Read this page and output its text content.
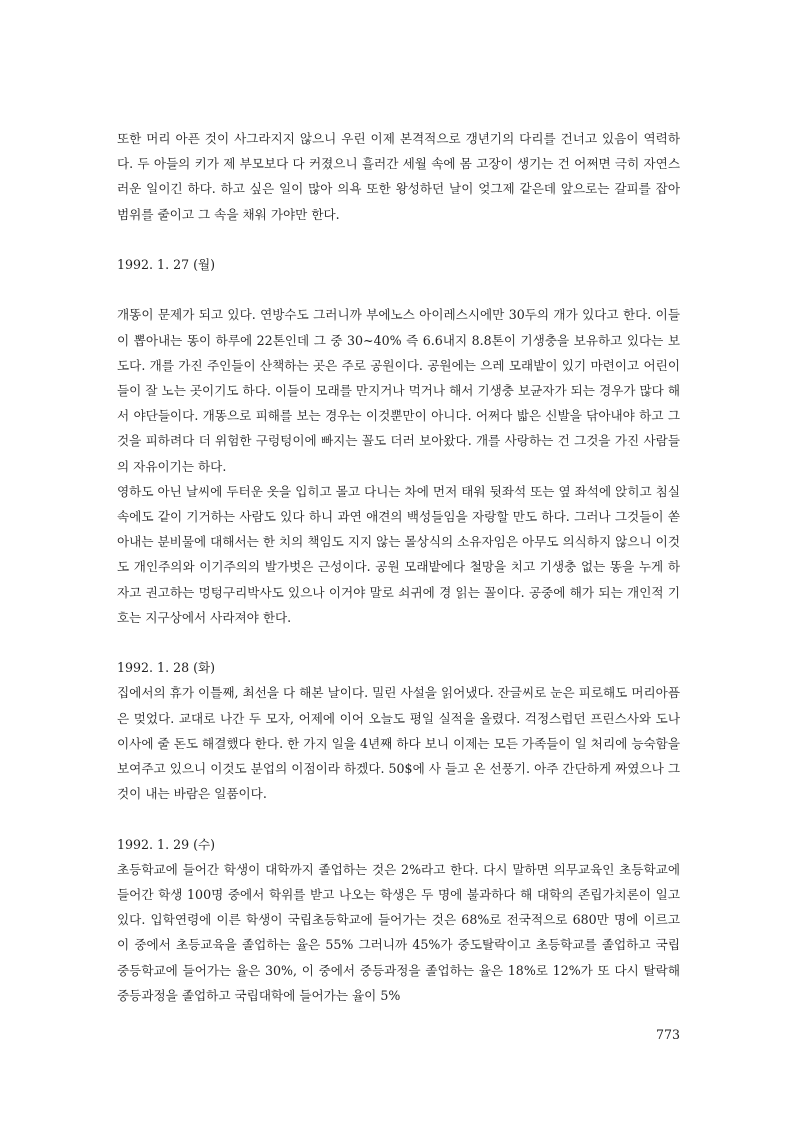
또한 머리 아픈 것이 사그라지지 않으니 우린 이제 본격적으로 갱년기의 다리를 건너고 있음이 역력하다. 두 아들의 키가 제 부모보다 다 커졌으니 흘러간 세월 속에 몸 고장이 생기는 건 어쩌면 극히 자연스러운 일이긴 하다. 하고 싶은 일이 많아 의욕 또한 왕성하던 날이 엊그제 같은데 앞으로는 갈피를 잡아 범위를 줄이고 그 속을 채워 가야만 한다.

1992. 1. 27 (월)

개똥이 문제가 되고 있다. 연방수도 그러니까 부에노스 아이레스시에만 30두의 개가 있다고 한다. 이들이 뽑아내는 똥이 하루에 22톤인데 그 중 30~40% 즉 6.6내지 8.8톤이 기생충을 보유하고 있다는 보도다. 개를 가진 주인들이 산책하는 곳은 주로 공원이다. 공원에는 으레 모래밭이 있기 마련이고 어린이들이 잘 노는 곳이기도 하다. 이들이 모래를 만지거나 먹거나 해서 기생충 보균자가 되는 경우가 많다 해서 야단들이다. 개똥으로 피해를 보는 경우는 이것뿐만이 아니다. 어쩌다 밟은 신발을 닦아내야 하고 그것을 피하려다 더 위험한 구렁텅이에 빠지는 꼴도 더러 보아왔다. 개를 사랑하는 건 그것을 가진 사람들의 자유이기는 하다.

영하도 아닌 날씨에 두터운 옷을 입히고 몰고 다니는 차에 먼저 태워 뒷좌석 또는 옆 좌석에 앉히고 침실 속에도 같이 기거하는 사람도 있다 하니 과연 애견의 백성들임을 자랑할 만도 하다. 그러나 그것들이 쏟아내는 분비물에 대해서는 한 치의 책임도 지지 않는 몰상식의 소유자임은 아무도 의식하지 않으니 이것도 개인주의와 이기주의의 발가벗은 근성이다. 공원 모래밭에다 철망을 치고 기생충 없는 똥을 누게 하자고 권고하는 멍텅구리박사도 있으나 이거야 말로 쇠귀에 경 읽는 꼴이다. 공중에 해가 되는 개인적 기호는 지구상에서 사라져야 한다.

1992. 1. 28 (화)

집에서의 휴가 이틀째, 최선을 다 해본 날이다. 밀린 사설을 읽어냈다. 잔글씨로 눈은 피로해도 머리아픔은 멎었다. 교대로 나간 두 모자, 어제에 이어 오늘도 평일 실적을 올렸다. 걱정스럽던 프린스사와 도나이사에 줄 돈도 해결했다 한다. 한 가지 일을 4년째 하다 보니 이제는 모든 가족들이 일 처리에 능숙함을 보여주고 있으니 이것도 분업의 이점이라 하겠다. 50$에 사 들고 온 선풍기. 아주 간단하게 짜였으나 그것이 내는 바람은 일품이다.

1992. 1. 29 (수)

초등학교에 들어간 학생이 대학까지 졸업하는 것은 2%라고 한다. 다시 말하면 의무교육인 초등학교에 들어간 학생 100명 중에서 학위를 받고 나오는 학생은 두 명에 불과하다 해 대학의 존립가치론이 일고 있다. 입학연령에 이른 학생이 국립초등학교에 들어가는 것은 68%로 전국적으로 680만 명에 이르고 이 중에서 초등교육을 졸업하는 율은 55% 그러니까 45%가 중도탈락이고 초등학교를 졸업하고 국립 중등학교에 들어가는 율은 30%, 이 중에서 중등과정을 졸업하는 율은 18%로 12%가 또 다시 탈락해 중등과정을 졸업하고 국립대학에 들어가는 율이 5%

773
